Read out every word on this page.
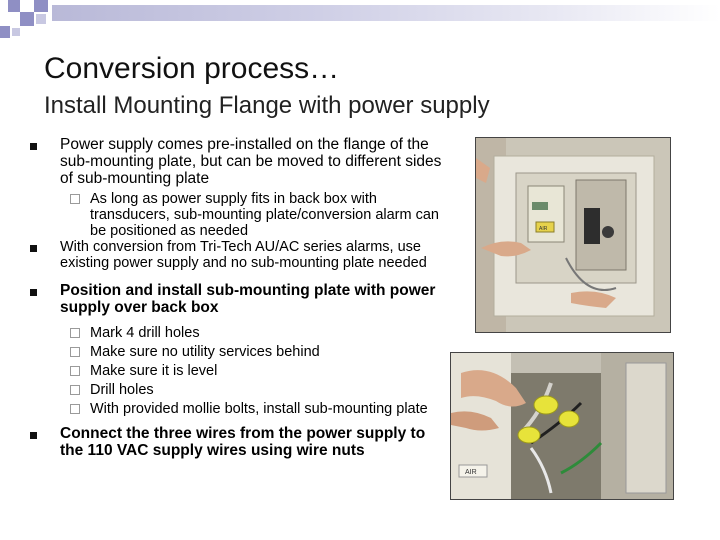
Conversion process…
Install Mounting Flange with power supply
Power supply comes pre-installed on the flange of the sub-mounting plate, but can be moved to different sides of sub-mounting plate
As long as power supply fits in back box with transducers, sub-mounting plate/conversion alarm can be positioned as needed
With conversion from Tri-Tech AU/AC series alarms, use existing power supply and no sub-mounting plate needed
Position and install sub-mounting plate with power supply over back box
Mark 4 drill holes
Make sure no utility services behind
Make sure it is level
Drill holes
With provided mollie bolts, install sub-mounting plate
Connect the three wires from the power supply to the 110 VAC supply wires using wire nuts
AIR
AIR
